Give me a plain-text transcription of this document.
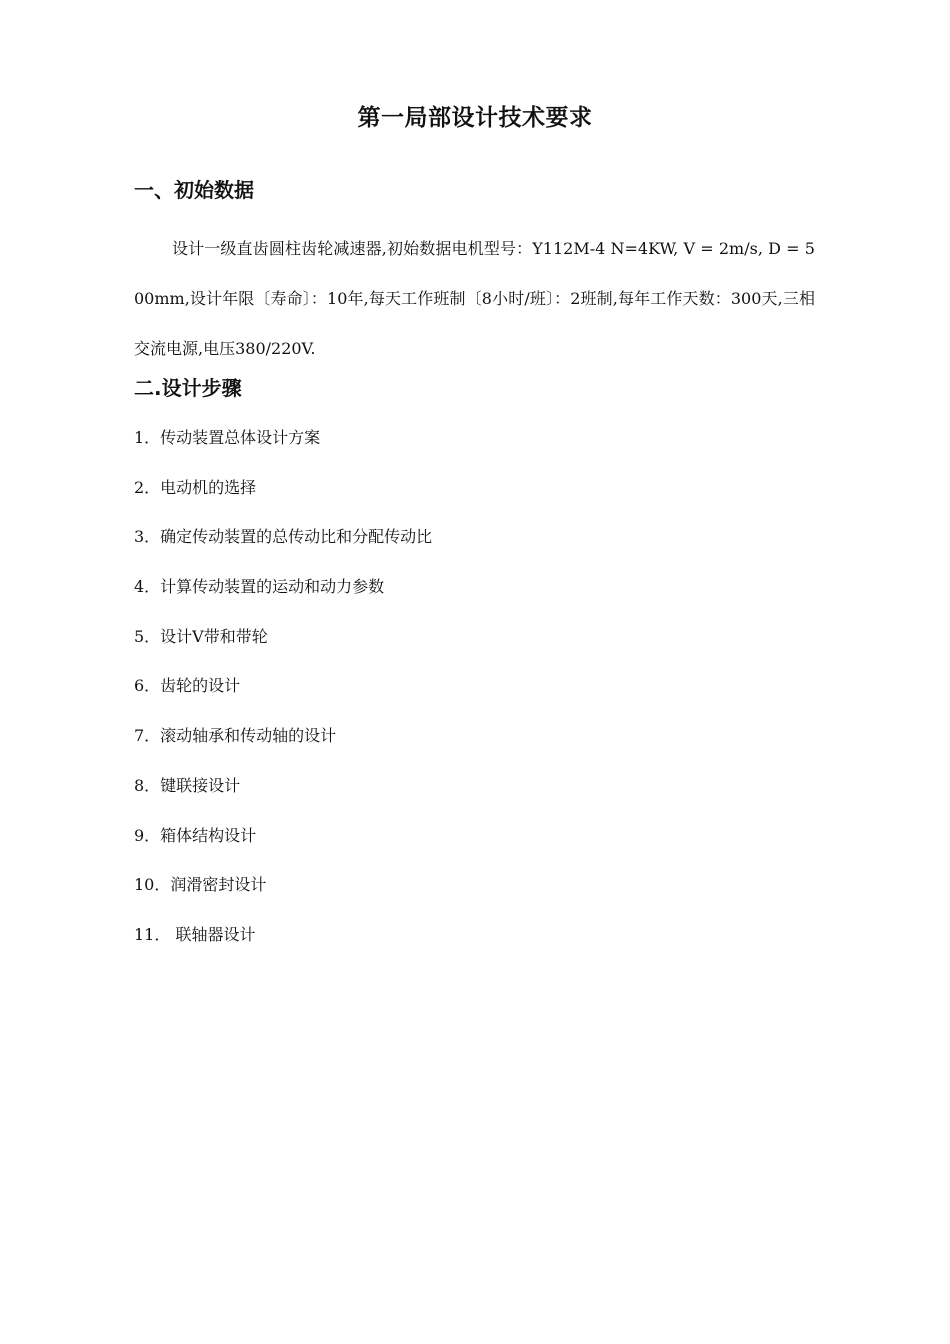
第一局部设计技术要求
一、初始数据

设计一级直齿圆柱齿轮减速器,初始数据电机型号：Y112M-4 N=4KW, V = 2m/s, D = 500mm,设计年限〔寿命〕：10年,每天工作班制〔8小时/班〕：2班制,每年工作天数：300天,三相交流电源,电压380/220V.

二.设计步骤
1．传动装置总体设计方案
2．电动机的选择
3．确定传动装置的总传动比和分配传动比
4．计算传动装置的运动和动力参数
5．设计V带和带轮
6．齿轮的设计
7．滚动轴承和传动轴的设计
8．键联接设计
9．箱体结构设计
10．润滑密封设计
11． 联轴器设计
